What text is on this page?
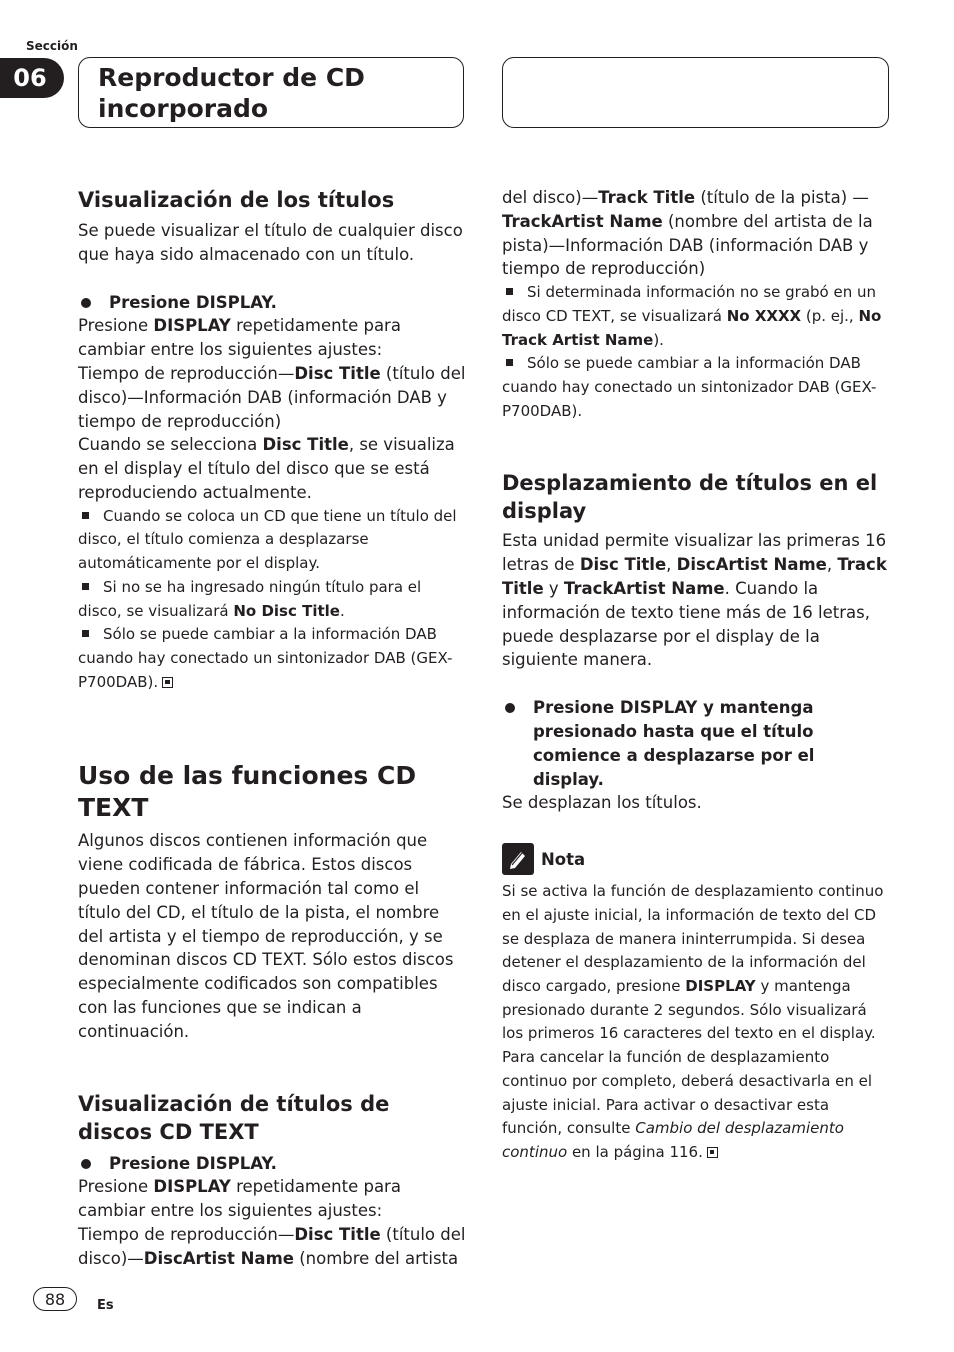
Sección
06	Reproductor de CD
incorporado
Visualización de los títulos

Se puede visualizar el título de cualquier disco que haya sido almacenado con un título.

Presione DISPLAY.

Presione DISPLAY repetidamente para cambiar entre los siguientes ajustes:

Tiempo de reproducción—Disc Title (título del disco)—Información DAB (información DAB y tiempo de reproducción)

Cuando se selecciona Disc Title, se visualiza en el display el título del disco que se está reproduciendo actualmente.

Cuando se coloca un CD que tiene un título del disco, el título comienza a desplazarse automáticamente por el display.

Si no se ha ingresado ningún título para el disco, se visualizará No Disc Title.

Sólo se puede cambiar a la información DAB cuando hay conectado un sintonizador DAB (GEX-P700DAB).

Uso de las funciones CD TEXT

Algunos discos contienen información que viene codificada de fábrica. Estos discos pueden contener información tal como el título del CD, el título de la pista, el nombre del artista y el tiempo de reproducción, y se denominan discos CD TEXT. Sólo estos discos especialmente codificados son compatibles con las funciones que se indican a continuación.

Visualización de títulos de discos CD TEXT
Presione DISPLAY.

Presione DISPLAY repetidamente para cambiar entre los siguientes ajustes:

Tiempo de reproducción—Disc Title (título del disco)—DiscArtist Name (nombre del artista

del disco)—Track Title (título de la pista) —TrackArtist Name (nombre del artista de la pista)—Información DAB (información DAB y tiempo de reproducción)

Si determinada información no se grabó en un disco CD TEXT, se visualizará No XXXX (p. ej., No Track Artist Name).

Sólo se puede cambiar a la información DAB cuando hay conectado un sintonizador DAB (GEX-P700DAB).

Desplazamiento de títulos en el display

Esta unidad permite visualizar las primeras 16 letras de Disc Title, DiscArtist Name, Track Title y TrackArtist Name. Cuando la información de texto tiene más de 16 letras, puede desplazarse por el display de la siguiente manera.

Presione DISPLAY y mantenga presionado hasta que el título comience a desplazarse por el display.

Se desplazan los títulos.

Nota

Si se activa la función de desplazamiento continuo en el ajuste inicial, la información de texto del CD se desplaza de manera ininterrumpida. Si desea detener el desplazamiento de la información del disco cargado, presione DISPLAY y mantenga presionado durante 2 segundos. Sólo visualizará los primeros 16 caracteres del texto en el display. Para cancelar la función de desplazamiento continuo por completo, deberá desactivarla en el ajuste inicial. Para activar o desactivar esta función, consulte Cambio del desplazamiento continuo en la página 116.

88	Es
